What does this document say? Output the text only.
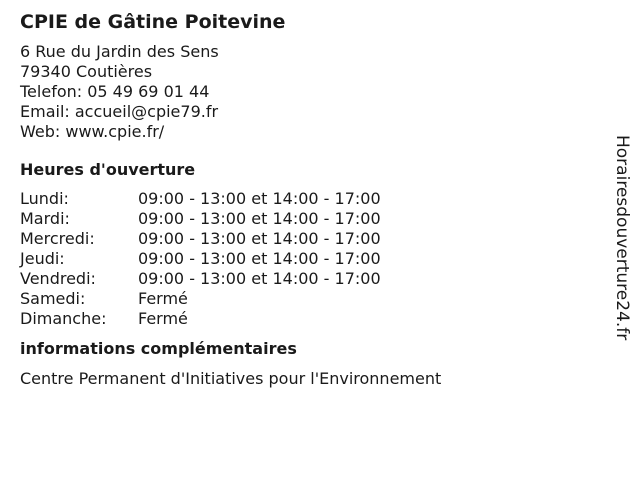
CPIE de Gâtine Poitevine
6 Rue du Jardin des Sens
79340 Coutières
Telefon: 05 49 69 01 44
Email: accueil@cpie79.fr
Web: www.cpie.fr/
Heures d'ouverture
Lundi:	09:00 - 13:00 et 14:00 - 17:00
Mardi:	09:00 - 13:00 et 14:00 - 17:00
Mercredi:	09:00 - 13:00 et 14:00 - 17:00
Jeudi:	09:00 - 13:00 et 14:00 - 17:00
Vendredi:	09:00 - 13:00 et 14:00 - 17:00
Samedi:	Fermé
Dimanche:	Fermé
informations complémentaires
Centre Permanent d'Initiatives pour l'Environnement
Horairesdouverture24.fr
